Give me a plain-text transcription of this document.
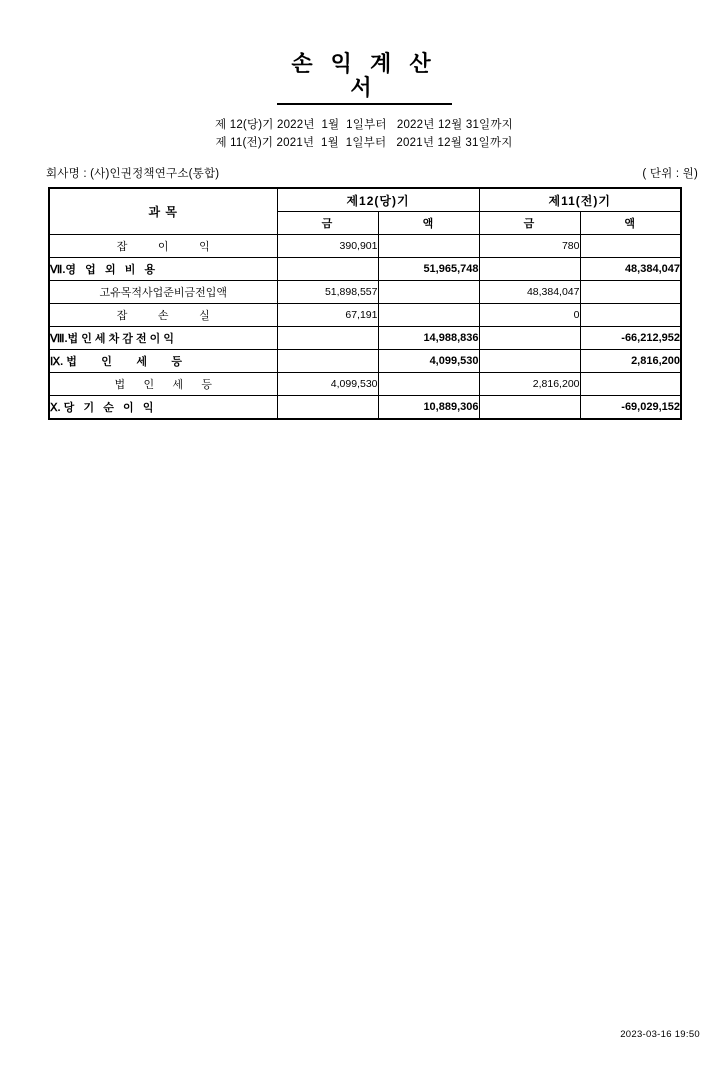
손 익 계 산 서
제 12(당)기 2022년  1월  1일부터   2022년 12월 31일까지
제 11(전)기 2021년  1월  1일부터   2021년 12월 31일까지
회사명 : (사)인권정책연구소(통합)	( 단위 : 원)
과 목	제12(당)기		제11(전)기	
	금	액	금	액
잡          이          익	390,901		780	
Ⅶ.영   업   외   비   용		51,965,748		48,384,047
고유목적사업준비금전입액	51,898,557		48,384,047	
잡          손          실	67,191		0	
Ⅷ.법 인 세 차 감 전 이 익		14,988,836		-66,212,952
Ⅸ. 법        인        세        등		4,099,530		2,816,200
법      인      세      등	4,099,530		2,816,200	
Ⅹ. 당   기   순   이   익		10,889,306		-69,029,152
2023-03-16 19:50
